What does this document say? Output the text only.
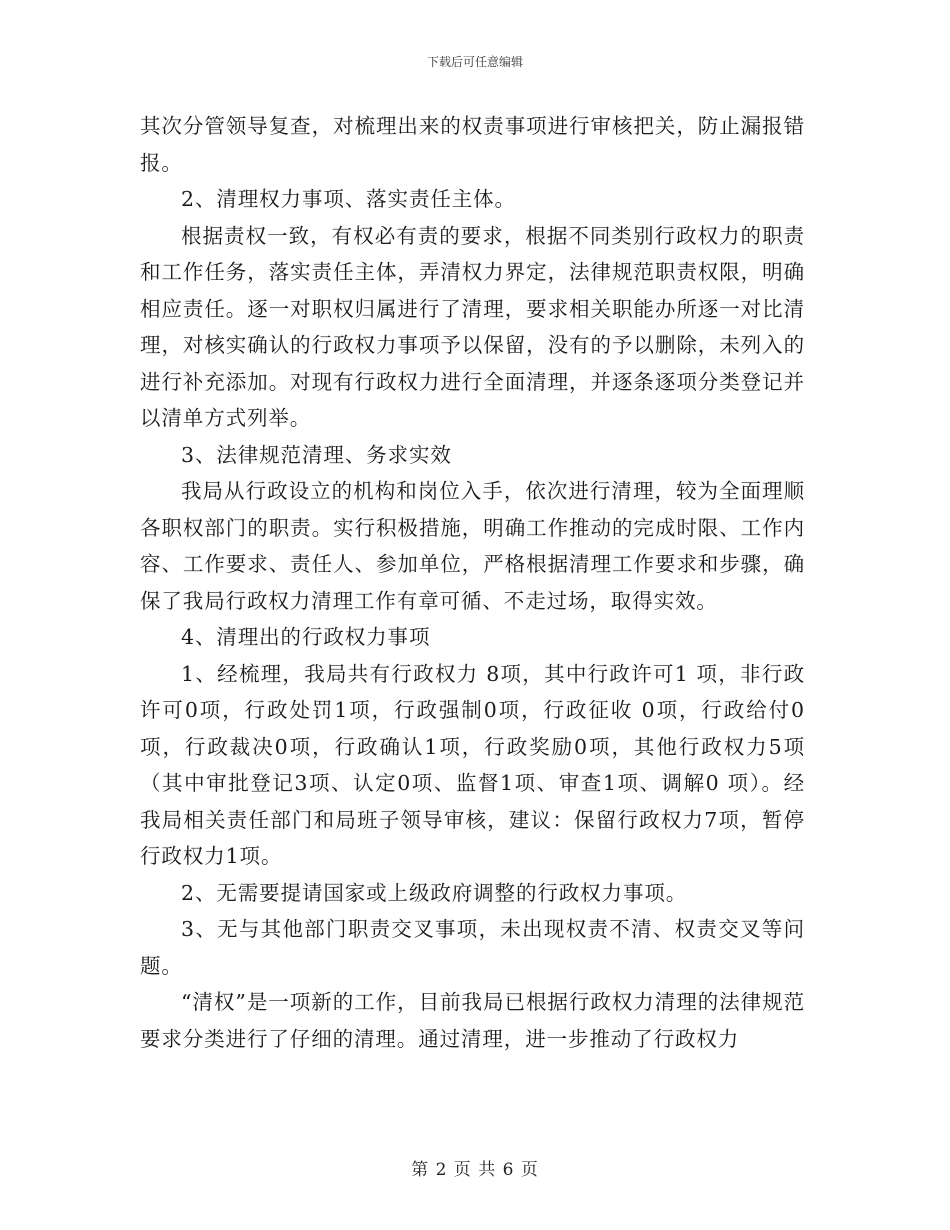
下载后可任意编辑

其次分管领导复查，对梳理出来的权责事项进行审核把关，防止漏报错报。

2、清理权力事项、落实责任主体。

根据责权一致，有权必有责的要求，根据不同类别行政权力的职责和工作任务，落实责任主体，弄清权力界定，法律规范职责权限，明确相应责任。逐一对职权归属进行了清理，要求相关职能办所逐一对比清理，对核实确认的行政权力事项予以保留，没有的予以删除，未列入的进行补充添加。对现有行政权力进行全面清理，并逐条逐项分类登记并以清单方式列举。

3、法律规范清理、务求实效

我局从行政设立的机构和岗位入手，依次进行清理，较为全面理顺各职权部门的职责。实行积极措施，明确工作推动的完成时限、工作内容、工作要求、责任人、参加单位，严格根据清理工作要求和步骤，确保了我局行政权力清理工作有章可循、不走过场，取得实效。

4、清理出的行政权力事项

1、经梳理，我局共有行政权力 8项，其中行政许可1 项，非行政许可0项，行政处罚1项，行政强制0项，行政征收 0项，行政给付0项，行政裁决0项，行政确认1项，行政奖励0项，其他行政权力5项（其中审批登记3项、认定0项、监督1项、审查1项、调解0 项）。经我局相关责任部门和局班子领导审核，建议：保留行政权力7项，暂停行政权力1项。

2、无需要提请国家或上级政府调整的行政权力事项。

3、无与其他部门职责交叉事项，未出现权责不清、权责交叉等问题。

“清权”是一项新的工作，目前我局已根据行政权力清理的法律规范要求分类进行了仔细的清理。通过清理，进一步推动了行政权力

第 2 页 共 6 页
